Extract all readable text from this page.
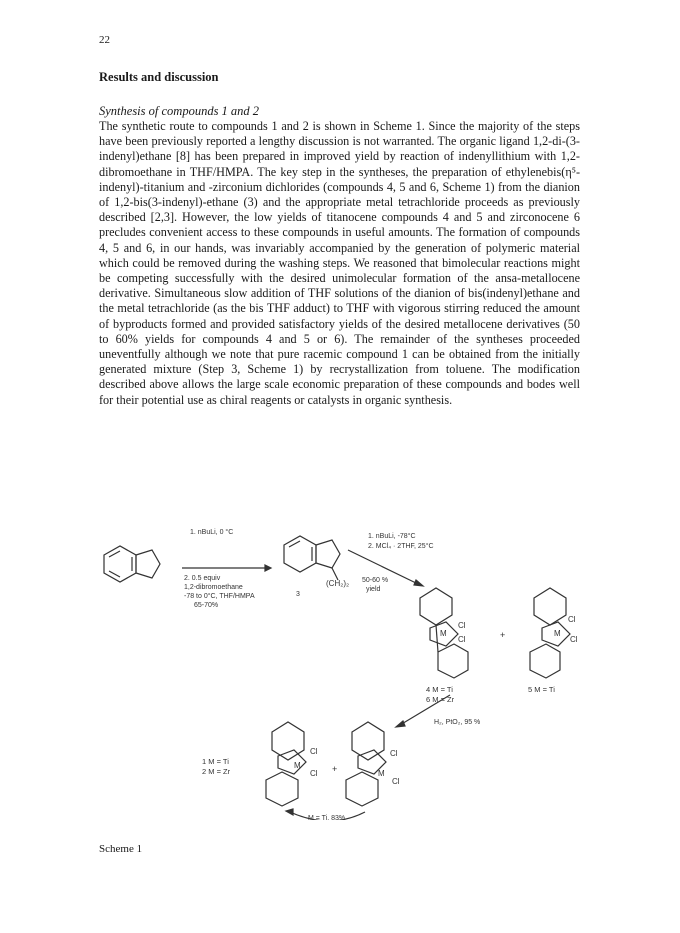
22
Results and discussion
Synthesis of compounds 1 and 2
The synthetic route to compounds 1 and 2 is shown in Scheme 1. Since the majority of the steps have been previously reported a lengthy discussion is not warranted. The organic ligand 1,2-di-(3-indenyl)ethane [8] has been prepared in improved yield by reaction of indenyllithium with 1,2-dibromoethane in THF/HMPA. The key step in the syntheses, the preparation of ethylenebis(η⁵-indenyl)-titanium and -zirconium dichlorides (compounds 4, 5 and 6, Scheme 1) from the dianion of 1,2-bis(3-indenyl)-ethane (3) and the appropriate metal tetrachloride proceeds as previously described [2,3]. However, the low yields of titanocene compounds 4 and 5 and zirconocene 6 precludes convenient access to these compounds in useful amounts. The formation of compounds 4, 5 and 6, in our hands, was invariably accompanied by the generation of polymeric material which could be removed during the washing steps. We reasoned that bimolecular reactions might be competing successfully with the desired unimolecular formation of the ansa-metallocene derivative. Simultaneous slow addition of THF solutions of the dianion of bis(indenyl)ethane and the metal tetrachloride (as the bis THF adduct) to THF with vigorous stirring reduced the amount of byproducts formed and provided satisfactory yields of the desired metallocene derivatives (50 to 60% yields for compounds 4 and 5 or 6). The remainder of the syntheses proceeded uneventfully although we note that pure racemic compound 1 can be obtained from the initially generated mixture (Step 3, Scheme 1) by recrystallization from toluene. The modification described above allows the large scale economic preparation of these compounds and bodes well for their potential use as chiral reagents or catalysts in organic synthesis.
1. nBuLi, 0 °C
2. 0.5 equiv
1,2-dibromoethane
-78 to 0°C, THF/HMPA
65-70%
3
(CH₂)₂
1. nBuLi, -78°C
2. MCl₄ · 2THF, 25°C
50-60 %
yield
M
Cl
Cl	+	M
Cl
Cl
4 M = Ti
6 M = Zr
5 M = Ti
H₂, PtO₂, 95 %
1 M = Ti
2 M = Zr
M
Cl
Cl +	M
Cl
Cl
M = Ti, 83%
Scheme 1
